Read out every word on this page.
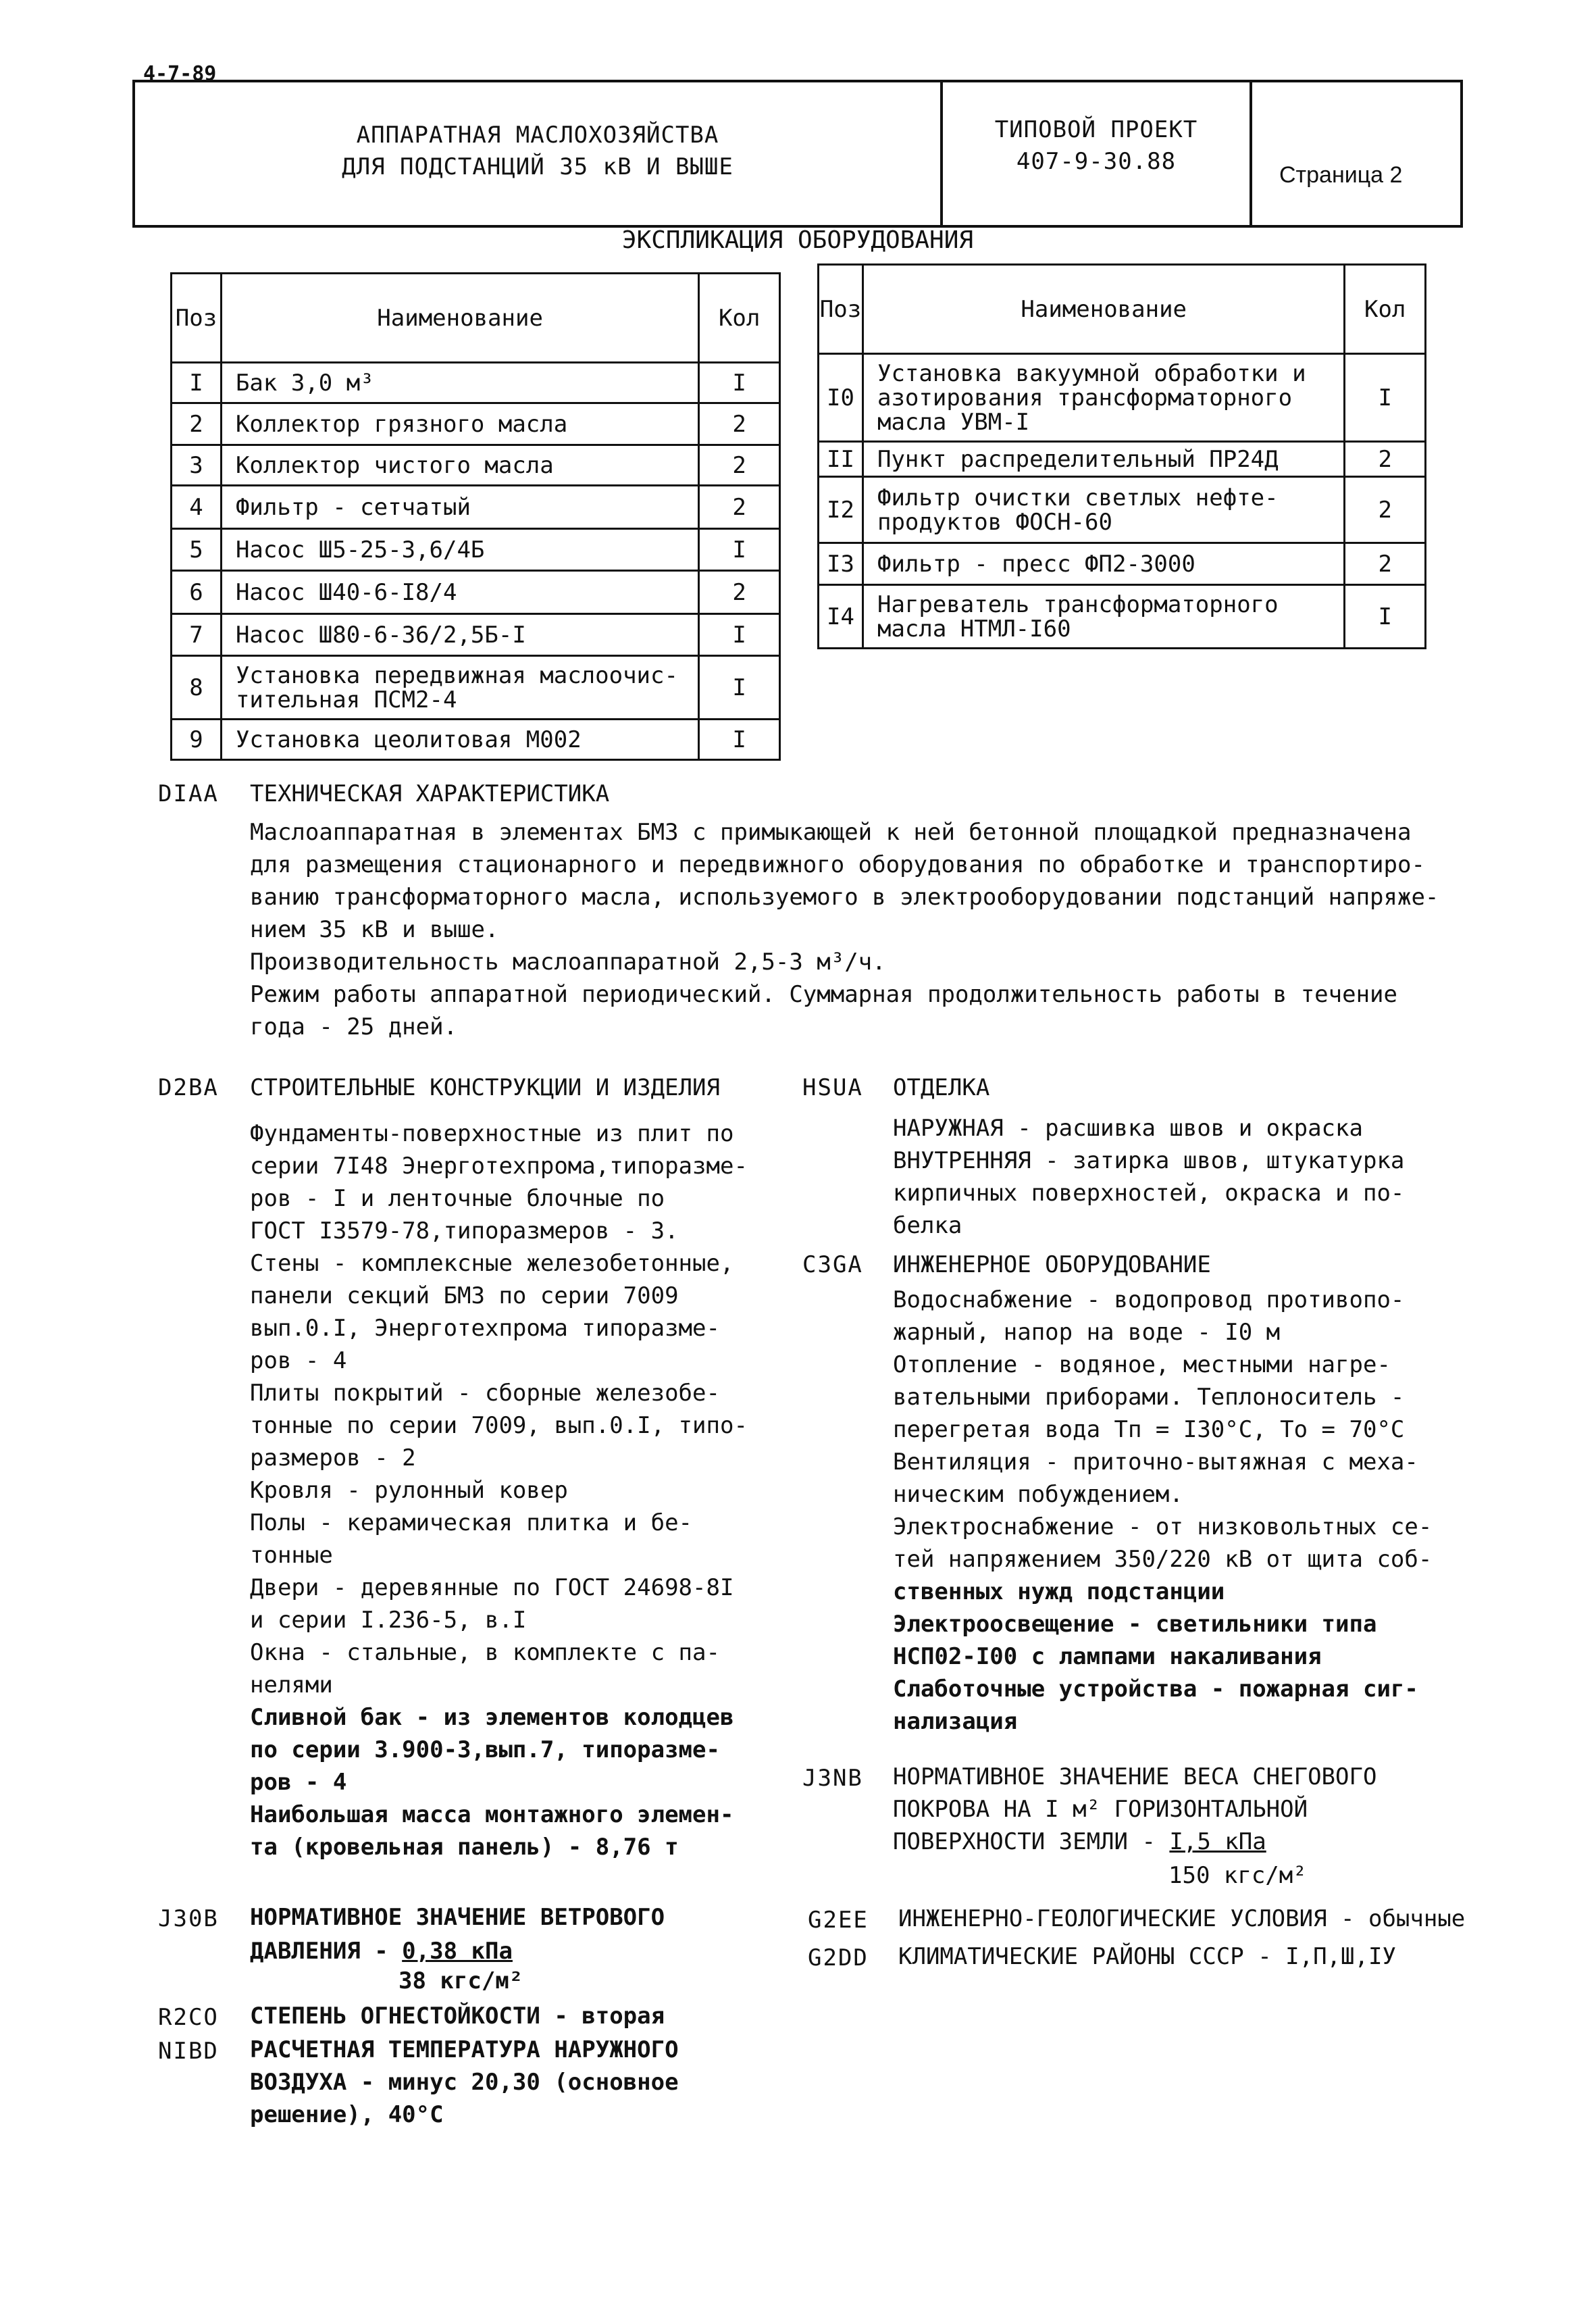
4-7-89
АППАРАТНАЯ МАСЛОХОЗЯЙСТВА
ДЛЯ ПОДСТАНЦИЙ 35 кВ И ВЫШЕ
ТИПОВОЙ ПРОЕКТ
407-9-30.88	Страница 2
ЭКСПЛИКАЦИЯ ОБОРУДОВАНИЯ
Поз	Наименование	Кол
I	Бак 3,0 м³	I
2	Коллектор грязного масла	2
3	Коллектор чистого масла	2
4	Фильтр - сетчатый	2
5	Насос Ш5-25-3,6/4Б	I
6	Насос Ш40-6-I8/4	2
7	Насос Ш80-6-36/2,5Б-I	I
8	Установка передвижная маслоочис-
тительная ПСМ2-4	I
9	Установка цеолитовая М002	I
Поз	Наименование	Кол
I0	Установка вакуумной обработки и
азотирования трансформаторного
масла УВМ-I	I
II	Пункт распределительный ПР24Д	2
I2	Фильтр очистки светлых нефте-
продуктов ФОСН-60	2
I3	Фильтр - пресс ФП2-3000	2
I4	Нагреватель трансформаторного
масла НТМЛ-I60	I
DIAA ТЕХНИЧЕСКАЯ ХАРАКТЕРИСТИКА
Маслоаппаратная в элементах БМЗ с примыкающей к ней бетонной площадкой предназначена
для размещения стационарного и передвижного оборудования по обработке и транспортиро-
ванию трансформаторного масла, используемого в электрооборудовании подстанций напряже-
нием 35 кВ и выше.
Производительность маслоаппаратной 2,5-3 м³/ч.
Режим работы аппаратной периодический. Суммарная продолжительность работы в течение
года - 25 дней.
D2BA СТРОИТЕЛЬНЫЕ КОНСТРУКЦИИ И ИЗДЕЛИЯ
Фундаменты-поверхностные из плит по
серии 7I48 Энерготехпрома,типоразме-
ров - I и ленточные блочные по
ГОСТ I3579-78,типоразмеров - 3.
Стены - комплексные железобетонные,
панели секций БМЗ по серии 7009
вып.0.I, Энерготехпрома типоразме-
ров - 4
Плиты покрытий - сборные железобе-
тонные по серии 7009, вып.0.I, типо-
размеров - 2
Кровля - рулонный ковер
Полы - керамическая плитка и бе-
тонные
Двери - деревянные по ГОСТ 24698-8I
и серии I.236-5, в.I
Окна - стальные, в комплекте с па-
нелями
Сливной бак - из элементов колодцев
по серии 3.900-3,вып.7, типоразме-
ров - 4
Наибольшая масса монтажного элемен-
та (кровельная панель) - 8,76 т
J30B НОРМАТИВНОЕ ЗНАЧЕНИЕ ВЕТРОВОГО
ДАВЛЕНИЯ - 0,38 кПа
38 кгс/м²
R2CO СТЕПЕНЬ ОГНЕСТОЙКОСТИ - вторая
NIBD РАСЧЕТНАЯ ТЕМПЕРАТУРА НАРУЖНОГО
ВОЗДУХА - минус 20,30 (основное
решение), 40°С
HSUA ОТДЕЛКА
НАРУЖНАЯ - расшивка швов и окраска
ВНУТРЕННЯЯ - затирка швов, штукатурка
кирпичных поверхностей, окраска и по-
белка
C3GA ИНЖЕНЕРНОЕ ОБОРУДОВАНИЕ
Водоснабжение - водопровод противопо-
жарный, напор на воде - I0 м
Отопление - водяное, местными нагре-
вательными приборами. Теплоноситель -
перегретая вода Тп = I30°С, То = 70°С
Вентиляция - приточно-вытяжная с меха-
ническим побуждением.
Электроснабжение - от низковольтных се-
тей напряжением 350/220 кВ от щита соб-
ственных нужд подстанции
Электроосвещение - светильники типа
НСП02-I00 с лампами накаливания
Слаботочные устройства - пожарная сиг-
нализация
J3NB НОРМАТИВНОЕ ЗНАЧЕНИЕ ВЕСА СНЕГОВОГО
ПОКРОВА НА I м² ГОРИЗОНТАЛЬНОЙ
ПОВЕРХНОСТИ ЗЕМЛИ - I,5 кПа
150 кгс/м²
G2EE ИНЖЕНЕРНО-ГЕОЛОГИЧЕСКИЕ УСЛОВИЯ - обычные
G2DD КЛИМАТИЧЕСКИЕ РАЙОНЫ СССР - I,П,Ш,IУ
